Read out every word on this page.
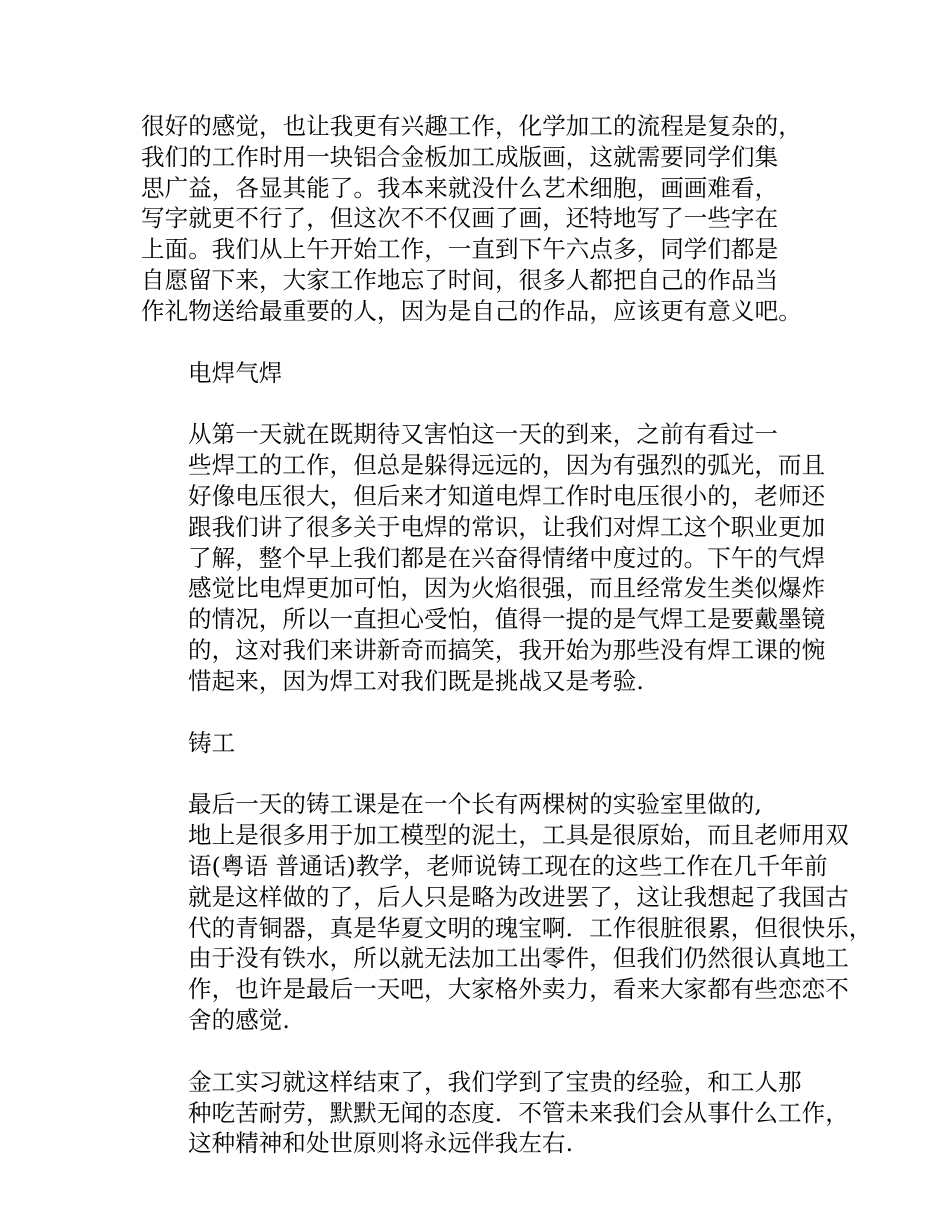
很好的感觉，也让我更有兴趣工作，化学加工的流程是复杂的，
我们的工作时用一块铝合金板加工成版画，这就需要同学们集
思广益，各显其能了。我本来就没什么艺术细胞，画画难看，
写字就更不行了，但这次不不仅画了画，还特地写了一些字在
上面。我们从上午开始工作，一直到下午六点多，同学们都是
自愿留下来，大家工作地忘了时间，很多人都把自己的作品当
作礼物送给最重要的人，因为是自己的作品，应该更有意义吧。

电焊气焊

从第一天就在既期待又害怕这一天的到来，之前有看过一
些焊工的工作，但总是躲得远远的，因为有强烈的弧光，而且
好像电压很大，但后来才知道电焊工作时电压很小的，老师还
跟我们讲了很多关于电焊的常识，让我们对焊工这个职业更加
了解，整个早上我们都是在兴奋得情绪中度过的。下午的气焊
感觉比电焊更加可怕，因为火焰很强，而且经常发生类似爆炸
的情况，所以一直担心受怕，值得一提的是气焊工是要戴墨镜
的，这对我们来讲新奇而搞笑，我开始为那些没有焊工课的惋
惜起来，因为焊工对我们既是挑战又是考验.

铸工

最后一天的铸工课是在一个长有两棵树的实验室里做的,
地上是很多用于加工模型的泥土，工具是很原始，而且老师用双
语(粤语 普通话)教学，老师说铸工现在的这些工作在几千年前
就是这样做的了，后人只是略为改进罢了，这让我想起了我国古
代的青铜器，真是华夏文明的瑰宝啊．工作很脏很累，但很快乐，
由于没有铁水，所以就无法加工出零件，但我们仍然很认真地工
作，也许是最后一天吧，大家格外卖力，看来大家都有些恋恋不
舍的感觉.

金工实习就这样结束了，我们学到了宝贵的经验，和工人那
种吃苦耐劳，默默无闻的态度．不管未来我们会从事什么工作，
这种精神和处世原则将永远伴我左右.
